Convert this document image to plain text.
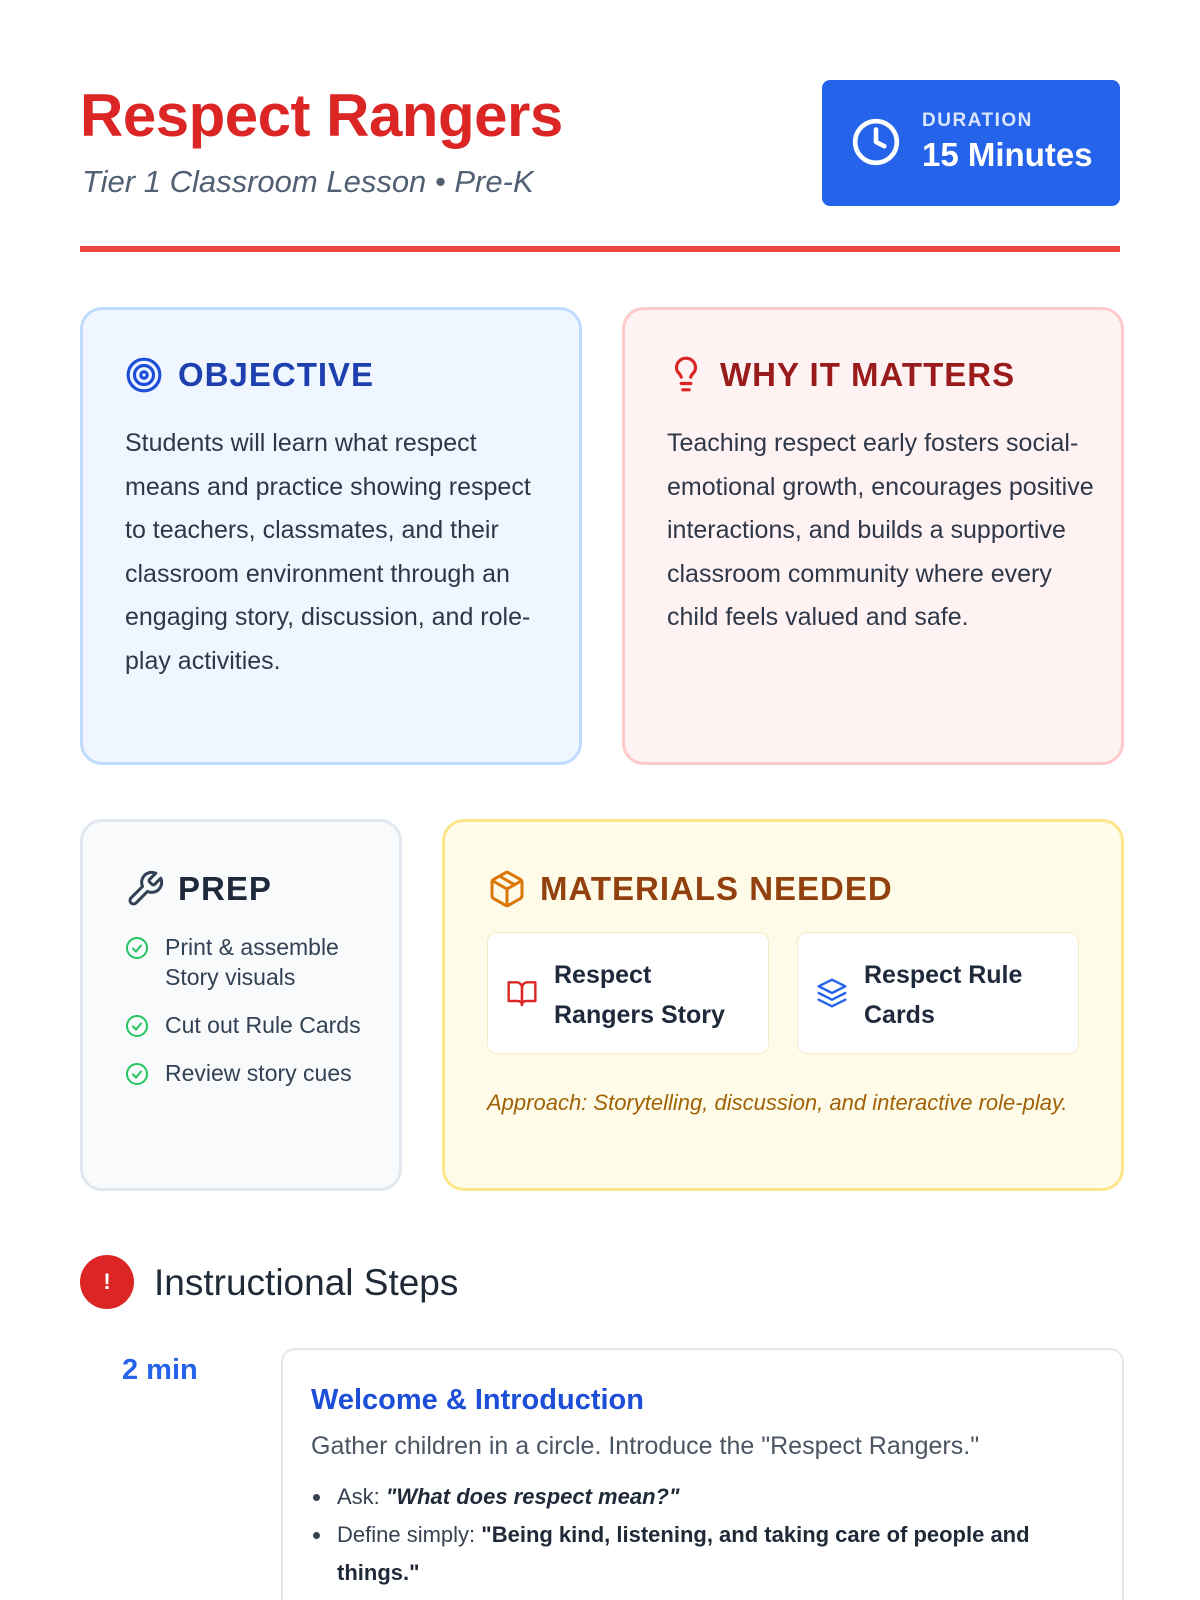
Respect Rangers
Tier 1 Classroom Lesson • Pre-K
DURATION
15 Minutes
OBJECTIVE
Students will learn what respect means and practice showing respect to teachers, classmates, and their classroom environment through an engaging story, discussion, and role-play activities.
WHY IT MATTERS
Teaching respect early fosters social-emotional growth, encourages positive interactions, and builds a supportive classroom community where every child feels valued and safe.
PREP
Print & assemble Story visuals
Cut out Rule Cards
Review story cues
MATERIALS NEEDED
Respect Rangers Story
Respect Rule Cards
Approach: Storytelling, discussion, and interactive role-play.
!	Instructional Steps
2 min
Welcome & Introduction
Gather children in a circle. Introduce the "Respect Rangers."
Ask: "What does respect mean?"
Define simply: "Being kind, listening, and taking care of people and things."
